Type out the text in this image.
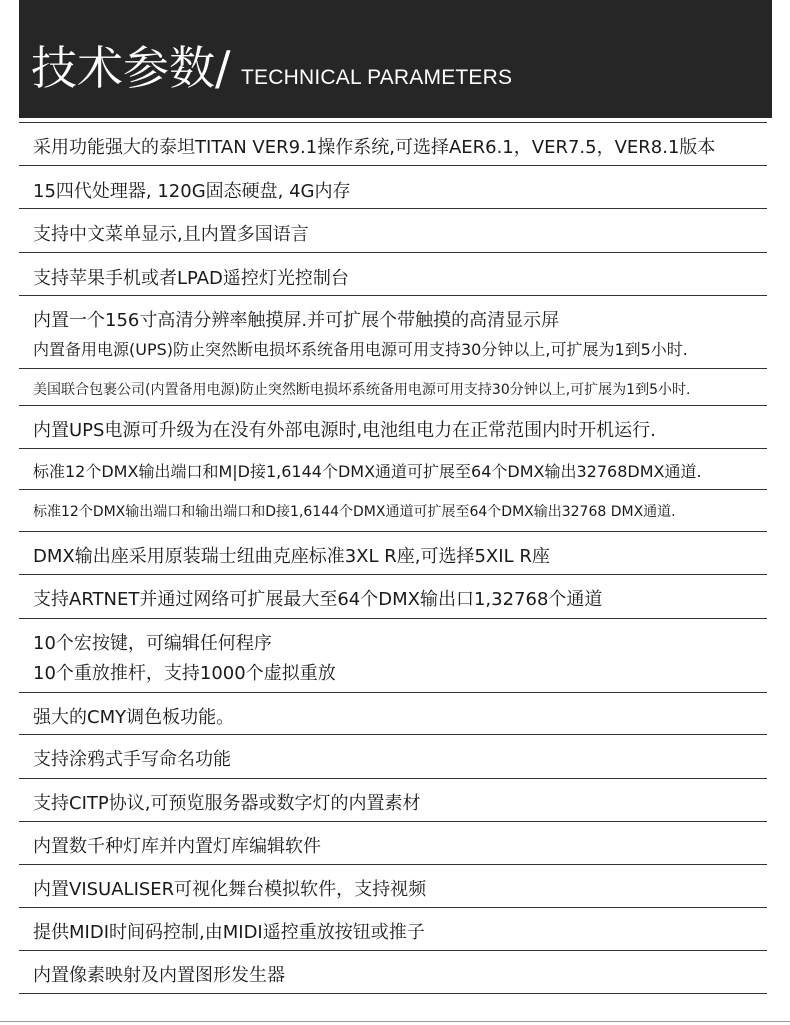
技术参数/ TECHNICAL PARAMETERS
采用功能强大的泰坦TITAN VER9.1操作系统,可选择AER6.1，VER7.5，VER8.1版本
15四代处理器, 120G固态硬盘, 4G内存
支持中文菜单显示,且内置多国语言
支持苹果手机或者LPAD遥控灯光控制台
内置一个156寸高清分辨率触摸屏.并可扩展个带触摸的高清显示屏
内置备用电源(UPS)防止突然断电损坏系统备用电源可用支持30分钟以上,可扩展为1到5小时.
美国联合包裹公司(内置备用电源)防止突然断电损坏系统备用电源可用支持30分钟以上,可扩展为1到5小时.
内置UPS电源可升级为在没有外部电源时,电池组电力在正常范围内时开机运行.
标准12个DMX输出端口和M|D接1,6144个DMX通道可扩展至64个DMX输出32768DMX通道.
标准12个DMX输出端口和输出端口和D接1,6144个DMX通道可扩展至64个DMX输出32768 DMX通道.
DMX输出座采用原装瑞士纽曲克座标准3XL R座,可选择5XIL R座
支持ARTNET并通过网络可扩展最大至64个DMX输出口1,32768个通道
10个宏按键，可编辑任何程序
10个重放推杆，支持1000个虚拟重放
强大的CMY调色板功能。
支持涂鸦式手写命名功能
支持CITP协议,可预览服务器或数字灯的内置素材
内置数千种灯库并内置灯库编辑软件
内置VISUALISER可视化舞台模拟软件，支持视频
提供MIDI时间码控制,由MIDI遥控重放按钮或推子
内置像素映射及内置图形发生器
